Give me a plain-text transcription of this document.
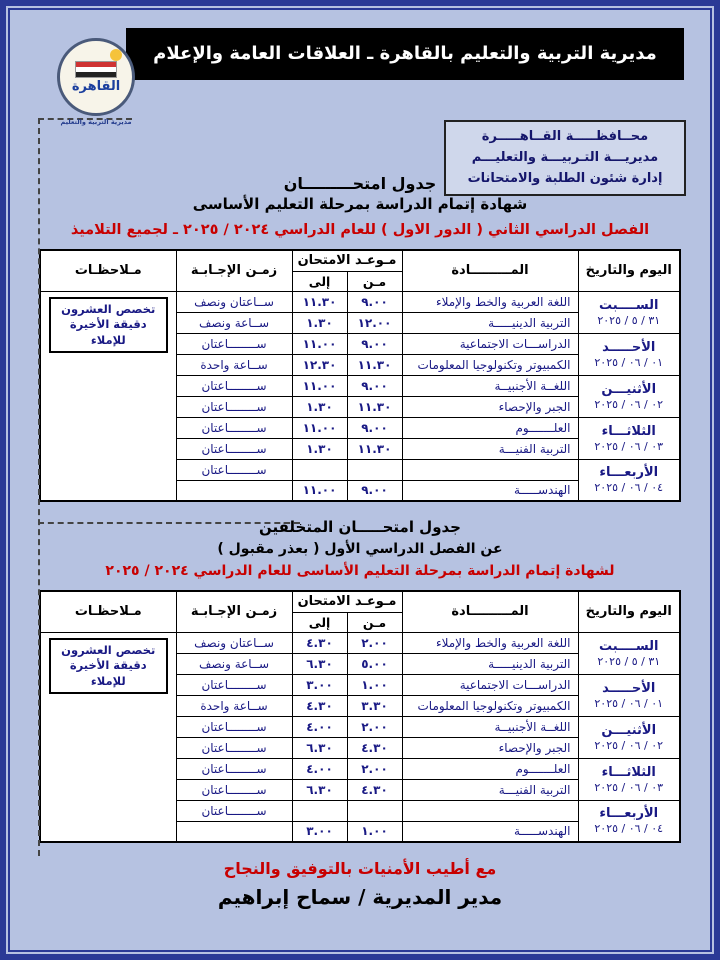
مديرية التربية والتعليم بالقاهرة ـ العلاقات العامة والإعلام
القاهرة
مديرية التربية والتعليم
محــافظـــــة القــاهـــــرة
مديريـــة التـربيـــة والتعليـــم
إدارة شئون الطلبة والامتحانات
جدول امتحـــــــــان
شهادة إتمام الدراسة بمرحلة التعليم الأساسى
الفصل الدراسي الثاني ( الدور الاول ) للعام الدراسي ٢٠٢٤ / ٢٠٢٥ ـ لجميع التلاميذ
اليوم والتاريخ	المـــــــــادة	مـوعـد الامتحان		زمـن الإجـابـة	مـلاحظـات
		مـن	إلى		

الســــبت
٣١ / ٥ / ٢٠٢٥	اللغة العربية والخط والإملاء	٩.٠٠	١١.٣٠	ســاعتان ونصف	تخصص العشرون دقيقة الأخيرة للإملاء

	التربية الدينيـــــة	١٢.٠٠	١.٣٠	ســاعة ونصف	

الأحـــــد
٠١ / ٠٦ / ٢٠٢٥	الدراســـات الاجتماعية	٩.٠٠	١١.٠٠	ســــــــاعتان	
	الكمبيوتر وتكنولوجيا المعلومات	١١.٣٠	١٢.٣٠	ســاعة واحدة	

الأثنيـــن
٠٢ / ٠٦ / ٢٠٢٥	اللغــة الأجنبيــة	٩.٠٠	١١.٠٠	ســــــــاعتان	
	الجبر والإحصاء	١١.٣٠	١.٣٠	ســــــــاعتان	

الثلاثـــاء
٠٣ / ٠٦ / ٢٠٢٥	العلـــــــوم	٩.٠٠	١١.٠٠	ســــــــاعتان	
	التربية الفنيـــة	١١.٣٠	١.٣٠	ســــــــاعتان	

الأربعـــاء
٠٤ / ٠٦ / ٢٠٢٥				ســــــــاعتان	
	الهندســـــة	٩.٠٠	١١.٠٠		
جدول امتحـــــان المتخلفين
عن الفصل الدراسي الأول ( بعذر مقبول )
لشهادة إتمام الدراسة بمرحلة التعليم الأساسى للعام الدراسي ٢٠٢٤ / ٢٠٢٥
اليوم والتاريخ	المـــــــــادة	مـوعـد الامتحان		زمـن الإجـابـة	مـلاحظـات
		مـن	إلى		

الســــبت
٣١ / ٥ / ٢٠٢٥	اللغة العربية والخط والإملاء	٢.٠٠	٤.٣٠	ســاعتان ونصف	تخصص العشرون دقيقة الأخيرة للإملاء

	التربية الدينيـــــة	٥.٠٠	٦.٣٠	ســاعة ونصف	

الأحـــــد
٠١ / ٠٦ / ٢٠٢٥	الدراســـات الاجتماعية	١.٠٠	٣.٠٠	ســــــــاعتان	
	الكمبيوتر وتكنولوجيا المعلومات	٣.٣٠	٤.٣٠	ســاعة واحدة	

الأثنيـــن
٠٢ / ٠٦ / ٢٠٢٥	اللغــة الأجنبيــة	٢.٠٠	٤.٠٠	ســــــــاعتان	
	الجبر والإحصاء	٤.٣٠	٦.٣٠	ســــــــاعتان	

الثلاثـــاء
٠٣ / ٠٦ / ٢٠٢٥	العلـــــــوم	٢.٠٠	٤.٠٠	ســــــــاعتان	
	التربية الفنيـــة	٤.٣٠	٦.٣٠	ســــــــاعتان	

الأربعـــاء
٠٤ / ٠٦ / ٢٠٢٥				ســــــــاعتان	
	الهندســـــة	١.٠٠	٣.٠٠		
مع أطيب الأمنيات بالتوفيق والنجاح
مدير المديرية / سماح إبراهيم
